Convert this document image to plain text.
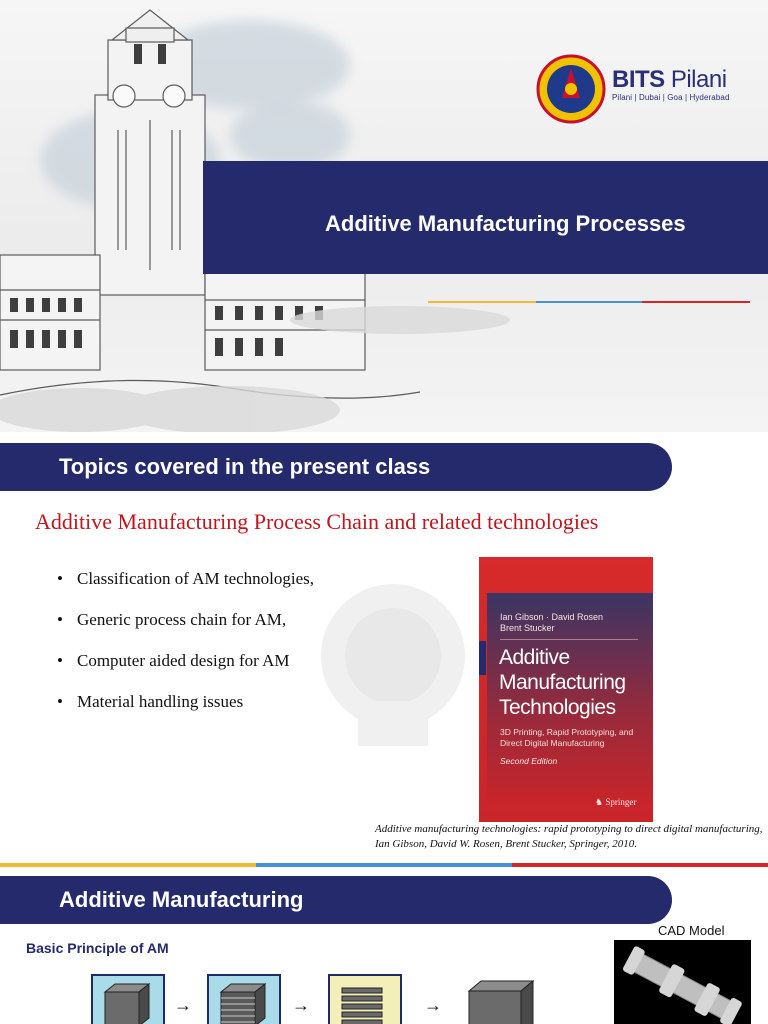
Additive Manufacturing Processes
BITS Pilani
Pilani | Dubai | Goa | Hyderabad
Topics covered in the present class
Additive Manufacturing Process Chain and related technologies
• Classification of AM technologies,
• Generic process chain for AM,
• Computer aided design for AM
• Material handling issues
Ian Gibson · David Rosen
Brent Stucker
Additive
Manufacturing
Technologies
3D Printing, Rapid Prototyping, and
Direct Digital Manufacturing
Second Edition
♞ Springer
Additive manufacturing technologies: rapid prototyping to direct digital manufacturing, Ian Gibson, David W. Rosen, Brent Stucker, Springer, 2010.
Additive Manufacturing
Basic Principle of AM
CAD Model
→	→	→
